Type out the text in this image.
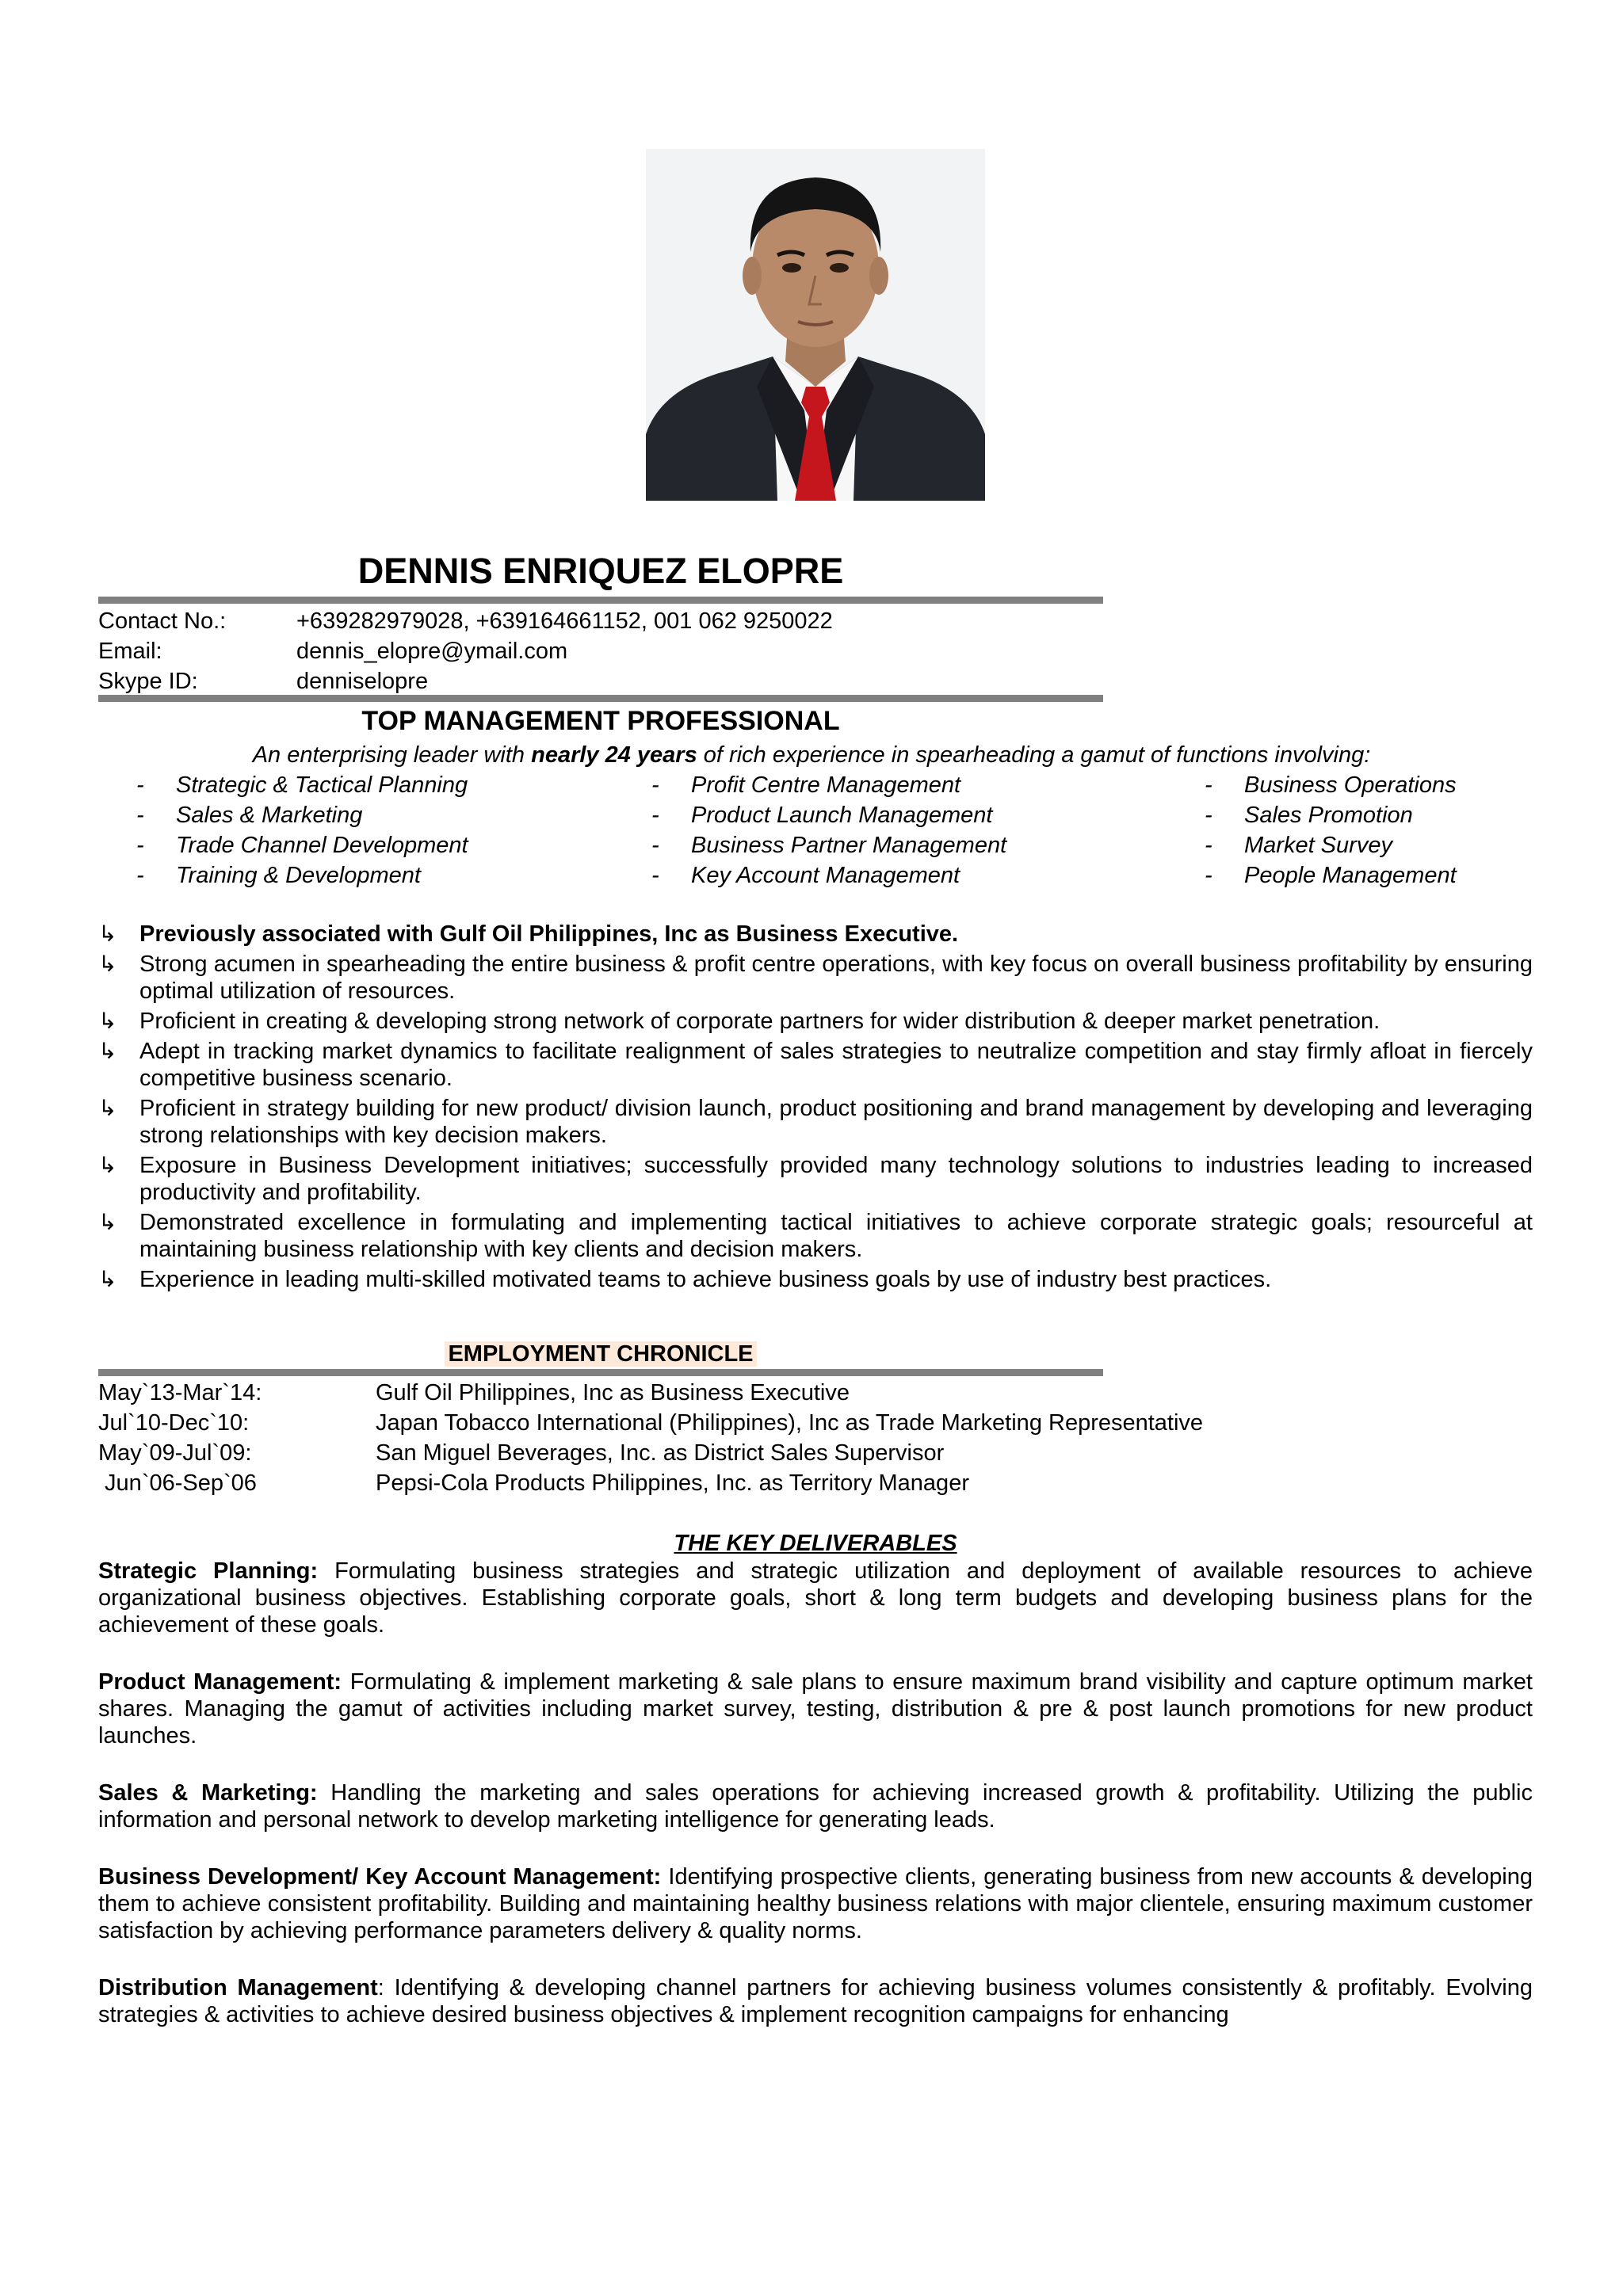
DENNIS ENRIQUEZ ELOPRE
Contact No.:	+639282979028, +639164661152, 001 062 9250022
Email:	dennis_elopre@ymail.com
Skype ID:	denniselopre
TOP MANAGEMENT PROFESSIONAL
An enterprising leader with nearly 24 years of rich experience in spearheading a gamut of functions involving:
-	Strategic & Tactical Planning
-	Sales & Marketing
-	Trade Channel Development
-	Training & Development
-	Profit Centre Management
-	Product Launch Management
-	Business Partner Management
-	Key Account Management
-	Business Operations
-	Sales Promotion
-	Market Survey
-	People Management
↳ Previously associated with Gulf Oil Philippines, Inc as Business Executive.
↳ Strong acumen in spearheading the entire business & profit centre operations, with key focus on overall business profitability by ensuring optimal utilization of resources.
↳ Proficient in creating & developing strong network of corporate partners for wider distribution & deeper market penetration.
↳ Adept in tracking market dynamics to facilitate realignment of sales strategies to neutralize competition and stay firmly afloat in fiercely competitive business scenario.
↳ Proficient in strategy building for new product/ division launch, product positioning and brand management by developing and leveraging strong relationships with key decision makers.
↳ Exposure in Business Development initiatives; successfully provided many technology solutions to industries leading to increased productivity and profitability.
↳ Demonstrated excellence in formulating and implementing tactical initiatives to achieve corporate strategic goals; resourceful at maintaining business relationship with key clients and decision makers.
↳ Experience in leading multi-skilled motivated teams to achieve business goals by use of industry best practices.
EMPLOYMENT CHRONICLE
May`13-Mar`14:	Gulf Oil Philippines, Inc as Business Executive
Jul`10-Dec`10:	Japan Tobacco International (Philippines), Inc as Trade Marketing Representative
May`09-Jul`09:	San Miguel Beverages, Inc. as District Sales Supervisor
Jun`06-Sep`06	Pepsi-Cola Products Philippines, Inc. as Territory Manager
THE KEY DELIVERABLES

Strategic Planning: Formulating business strategies and strategic utilization and deployment of available resources to achieve organizational business objectives. Establishing corporate goals, short & long term budgets and developing business plans for the achievement of these goals.

Product Management: Formulating & implement marketing & sale plans to ensure maximum brand visibility and capture optimum market shares. Managing the gamut of activities including market survey, testing, distribution & pre & post launch promotions for new product launches.

Sales & Marketing: Handling the marketing and sales operations for achieving increased growth & profitability. Utilizing the public information and personal network to develop marketing intelligence for generating leads.

Business Development/ Key Account Management: Identifying prospective clients, generating business from new accounts & developing them to achieve consistent profitability. Building and maintaining healthy business relations with major clientele, ensuring maximum customer satisfaction by achieving performance parameters delivery & quality norms.

Distribution Management: Identifying & developing channel partners for achieving business volumes consistently & profitably. Evolving strategies & activities to achieve desired business objectives & implement recognition campaigns for enhancing
